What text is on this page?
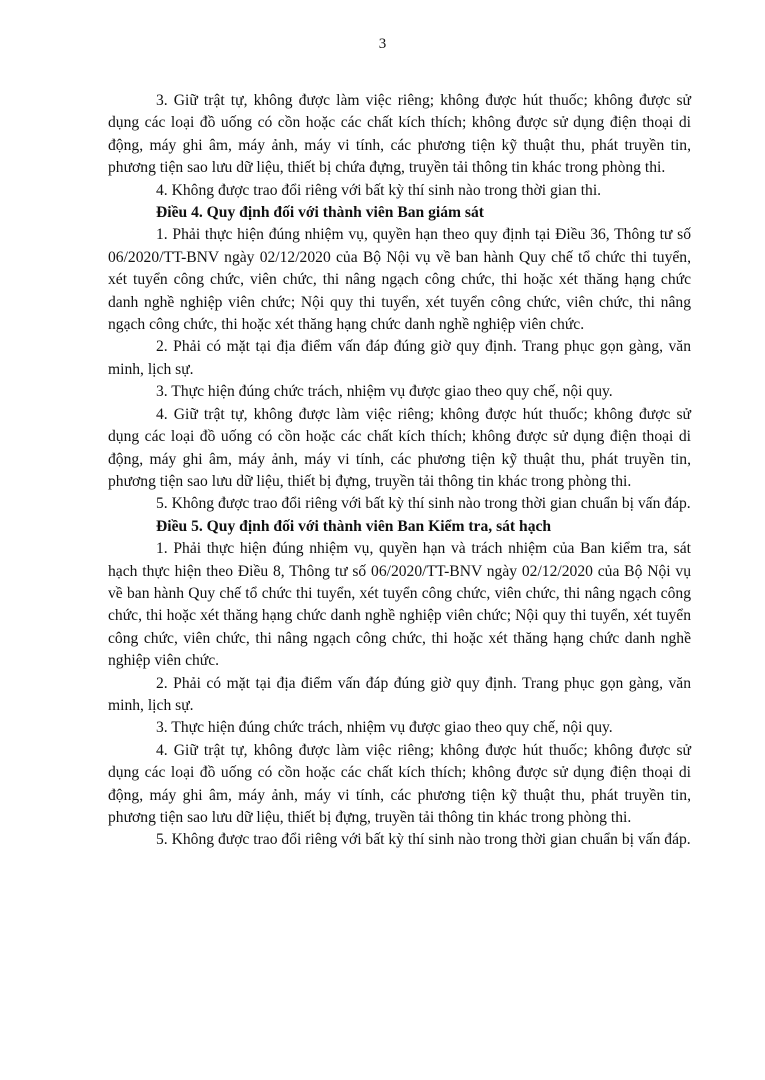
3

3. Giữ trật tự, không được làm việc riêng; không được hút thuốc; không được sử dụng các loại đồ uống có cồn hoặc các chất kích thích; không được sử dụng điện thoại di động, máy ghi âm, máy ảnh, máy vi tính, các phương tiện kỹ thuật thu, phát truyền tin, phương tiện sao lưu dữ liệu, thiết bị chứa đựng, truyền tải thông tin khác trong phòng thi.

4. Không được trao đổi riêng với bất kỳ thí sinh nào trong thời gian thi.

Điều 4. Quy định đối với thành viên Ban giám sát

1. Phải thực hiện đúng nhiệm vụ, quyền hạn theo quy định tại Điều 36, Thông tư số 06/2020/TT-BNV ngày 02/12/2020 của Bộ Nội vụ về ban hành Quy chế tổ chức thi tuyển, xét tuyển công chức, viên chức, thi nâng ngạch công chức, thi hoặc xét thăng hạng chức danh nghề nghiệp viên chức; Nội quy thi tuyển, xét tuyển công chức, viên chức, thi nâng ngạch công chức, thi hoặc xét thăng hạng chức danh nghề nghiệp viên chức.

2. Phải có mặt tại địa điểm vấn đáp đúng giờ quy định. Trang phục gọn gàng, văn minh, lịch sự.

3. Thực hiện đúng chức trách, nhiệm vụ được giao theo quy chế, nội quy.

4. Giữ trật tự, không được làm việc riêng; không được hút thuốc; không được sử dụng các loại đồ uống có cồn hoặc các chất kích thích; không được sử dụng điện thoại di động, máy ghi âm, máy ảnh, máy vi tính, các phương tiện kỹ thuật thu, phát truyền tin, phương tiện sao lưu dữ liệu, thiết bị đựng, truyền tải thông tin khác trong phòng thi.

5. Không được trao đổi riêng với bất kỳ thí sinh nào trong thời gian chuẩn bị vấn đáp.

Điều 5. Quy định đối với thành viên Ban Kiểm tra, sát hạch

1. Phải thực hiện đúng nhiệm vụ, quyền hạn và trách nhiệm của Ban kiểm tra, sát hạch thực hiện theo Điều 8, Thông tư số 06/2020/TT-BNV ngày 02/12/2020 của Bộ Nội vụ về ban hành Quy chế tổ chức thi tuyển, xét tuyển công chức, viên chức, thi nâng ngạch công chức, thi hoặc xét thăng hạng chức danh nghề nghiệp viên chức; Nội quy thi tuyển, xét tuyển công chức, viên chức, thi nâng ngạch công chức, thi hoặc xét thăng hạng chức danh nghề nghiệp viên chức.

2. Phải có mặt tại địa điểm vấn đáp đúng giờ quy định. Trang phục gọn gàng, văn minh, lịch sự.

3. Thực hiện đúng chức trách, nhiệm vụ được giao theo quy chế, nội quy.

4. Giữ trật tự, không được làm việc riêng; không được hút thuốc; không được sử dụng các loại đồ uống có cồn hoặc các chất kích thích; không được sử dụng điện thoại di động, máy ghi âm, máy ảnh, máy vi tính, các phương tiện kỹ thuật thu, phát truyền tin, phương tiện sao lưu dữ liệu, thiết bị đựng, truyền tải thông tin khác trong phòng thi.

5. Không được trao đổi riêng với bất kỳ thí sinh nào trong thời gian chuẩn bị vấn đáp.
